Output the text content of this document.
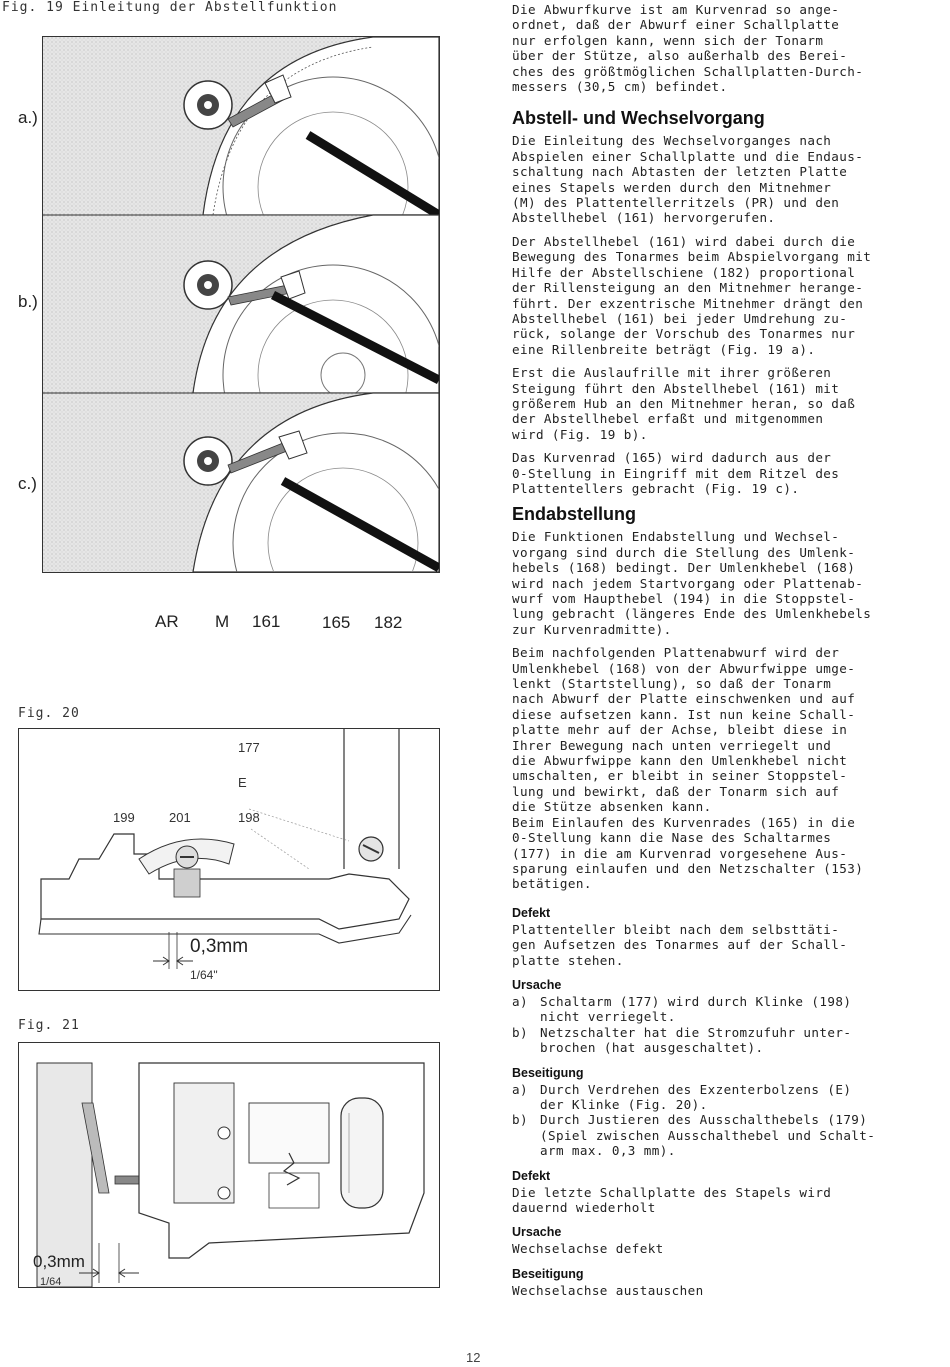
Fig. 19 Einleitung der Abstellfunktion
a.)
b.)
c.)
AR M 161 165 182
Fig. 20
177
E
199	201	198
0,3mm
1/64"
Fig. 21
0,3mm
1/64

Die Abwurfkurve ist am Kurvenrad so ange-
ordnet, daß der Abwurf einer Schallplatte
nur erfolgen kann, wenn sich der Tonarm
über der Stütze, also außerhalb des Berei-
ches des größtmöglichen Schallplatten-Durch-
messers (30,5 cm) befindet.

Abstell- und Wechselvorgang

Die Einleitung des Wechselvorganges nach
Abspielen einer Schallplatte und die Endaus-
schaltung nach Abtasten der letzten Platte
eines Stapels werden durch den Mitnehmer
(M) des Plattentellerritzels (PR) und den
Abstellhebel (161) hervorgerufen.

Der Abstellhebel (161) wird dabei durch die
Bewegung des Tonarmes beim Abspielvorgang mit
Hilfe der Abstellschiene (182) proportional
der Rillensteigung an den Mitnehmer herange-
führt. Der exzentrische Mitnehmer drängt den
Abstellhebel (161) bei jeder Umdrehung zu-
rück, solange der Vorschub des Tonarmes nur
eine Rillenbreite beträgt (Fig. 19 a).

Erst die Auslaufrille mit ihrer größeren
Steigung führt den Abstellhebel (161) mit
größerem Hub an den Mitnehmer heran, so daß
der Abstellhebel erfaßt und mitgenommen
wird (Fig. 19 b).

Das Kurvenrad (165) wird dadurch aus der
0-Stellung in Eingriff mit dem Ritzel des
Plattentellers gebracht (Fig. 19 c).

Endabstellung

Die Funktionen Endabstellung und Wechsel-
vorgang sind durch die Stellung des Umlenk-
hebels (168) bedingt. Der Umlenkhebel (168)
wird nach jedem Startvorgang oder Plattenab-
wurf vom Haupthebel (194) in die Stoppstel-
lung gebracht (längeres Ende des Umlenkhebels
zur Kurvenradmitte).

Beim nachfolgenden Plattenabwurf wird der
Umlenkhebel (168) von der Abwurfwippe umge-
lenkt (Startstellung), so daß der Tonarm
nach Abwurf der Platte einschwenken und auf
diese aufsetzen kann. Ist nun keine Schall-
platte mehr auf der Achse, bleibt diese in
Ihrer Bewegung nach unten verriegelt und
die Abwurfwippe kann den Umlenkhebel nicht
umschalten, er bleibt in seiner Stoppstel-
lung und bewirkt, daß der Tonarm sich auf
die Stütze absenken kann.
Beim Einlaufen des Kurvenrades (165) in die
0-Stellung kann die Nase des Schaltarmes
(177) in die am Kurvenrad vorgesehene Aus-
sparung einlaufen und den Netzschalter (153)
betätigen.

Defekt

Plattenteller bleibt nach dem selbsttäti-
gen Aufsetzen des Tonarmes auf der Schall-
platte stehen.

Ursache
a) Schaltarm (177) wird durch Klinke (198)
nicht verriegelt.
b) Netzschalter hat die Stromzufuhr unter-
brochen (hat ausgeschaltet).
Beseitigung
a) Durch Verdrehen des Exzenterbolzens (E)
der Klinke (Fig. 20).
b) Durch Justieren des Ausschalthebels (179)
(Spiel zwischen Ausschalthebel und Schalt-
arm max. 0,3 mm).
Defekt

Die letzte Schallplatte des Stapels wird
dauernd wiederholt

Ursache

Wechselachse defekt

Beseitigung

Wechselachse austauschen

12
